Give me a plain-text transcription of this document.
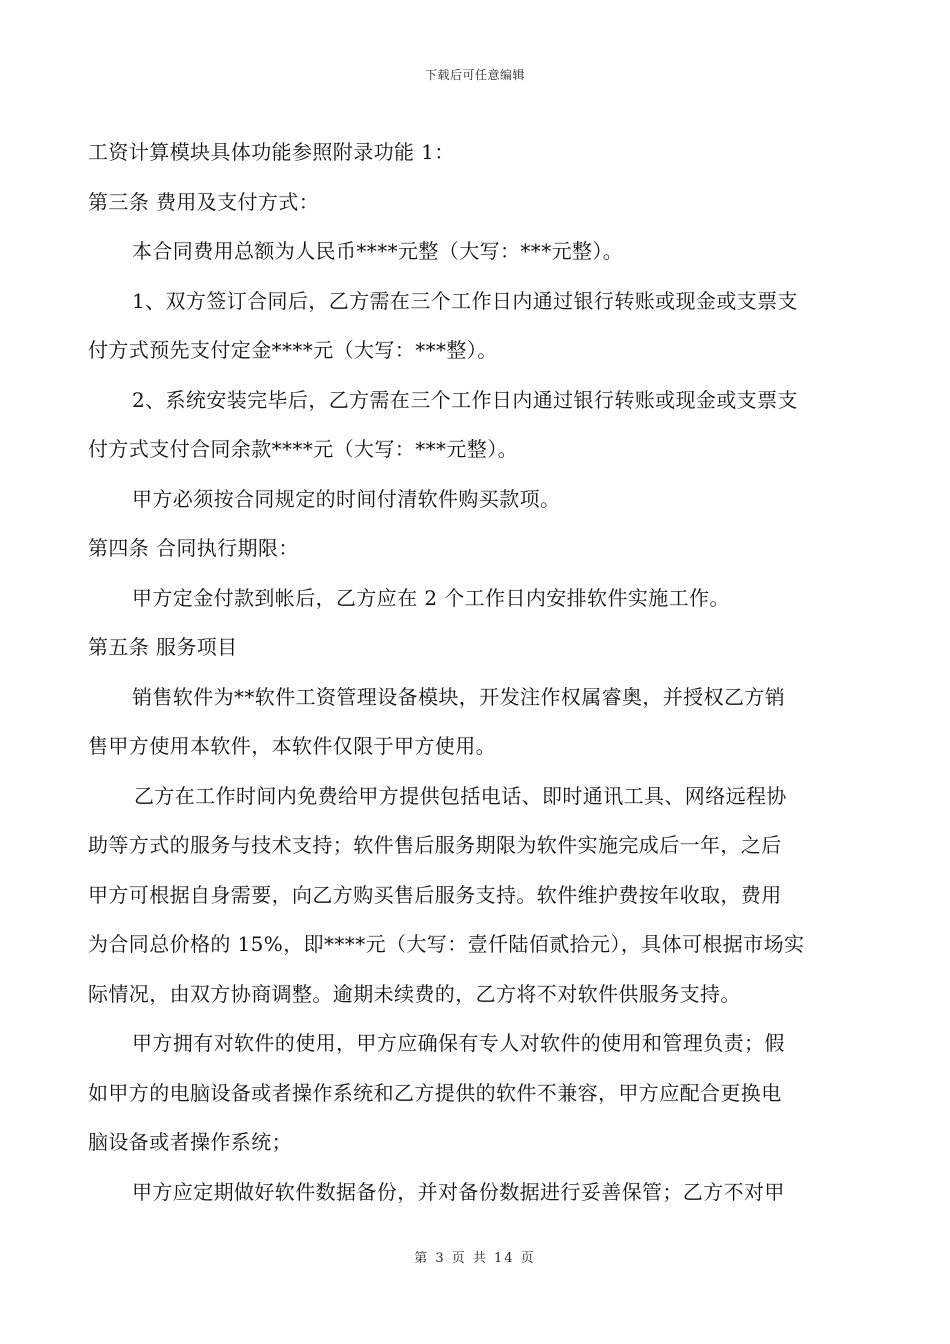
下载后可任意编辑
工资计算模块具体功能参照附录功能 1：
第三条 费用及支付方式：
本合同费用总额为人民币****元整（大写：***元整）。
1、双方签订合同后，乙方需在三个工作日内通过银行转账或现金或支票支
付方式预先支付定金****元（大写：***整）。
2、系统安装完毕后，乙方需在三个工作日内通过银行转账或现金或支票支
付方式支付合同余款****元（大写：***元整）。
甲方必须按合同规定的时间付清软件购买款项。
第四条 合同执行期限：
甲方定金付款到帐后，乙方应在 2 个工作日内安排软件实施工作。
第五条 服务项目
销售软件为**软件工资管理设备模块，开发注作权属睿奥，并授权乙方销
售甲方使用本软件，本软件仅限于甲方使用。
乙方在工作时间内免费给甲方提供包括电话、即时通讯工具、网络远程协
助等方式的服务与技术支持；软件售后服务期限为软件实施完成后一年，之后
甲方可根据自身需要，向乙方购买售后服务支持。软件维护费按年收取，费用
为合同总价格的 15%，即****元（大写：壹仟陆佰贰拾元），具体可根据市场实
际情况，由双方协商调整。逾期未续费的，乙方将不对软件供服务支持。
甲方拥有对软件的使用，甲方应确保有专人对软件的使用和管理负责；假
如甲方的电脑设备或者操作系统和乙方提供的软件不兼容，甲方应配合更换电
脑设备或者操作系统；
甲方应定期做好软件数据备份，并对备份数据进行妥善保管；乙方不对甲
第 3 页 共 14 页
